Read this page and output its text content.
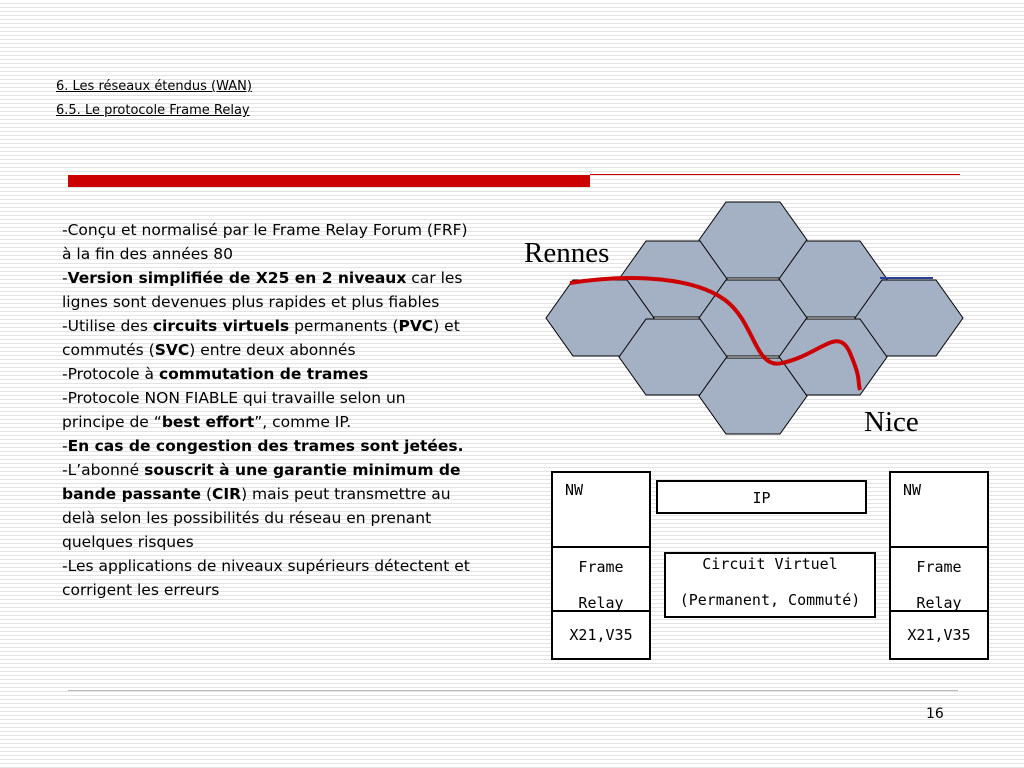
6. Les réseaux étendus (WAN)
6.5. Le protocole Frame Relay

-Conçu et normalisé par le Frame Relay Forum (FRF) à la fin des années 80

-Version simplifiée de X25 en 2 niveaux car les lignes sont devenues plus rapides et plus fiables

-Utilise des circuits virtuels permanents (PVC) et commutés (SVC) entre deux abonnés

-Protocole à commutation de trames

-Protocole NON FIABLE qui travaille selon un principe de “best effort”, comme IP.

-En cas de congestion des trames sont jetées.

-L’abonné souscrit à une garantie minimum de bande passante (CIR) mais peut transmettre au delà selon les possibilités du réseau en prenant quelques risques

-Les applications de niveaux supérieurs détectent et corrigent les erreurs

Rennes
Nice
NW
Frame
Relay
X21,V35
NW
Frame
Relay
X21,V35
IP
Circuit Virtuel
(Permanent, Commuté)
16
